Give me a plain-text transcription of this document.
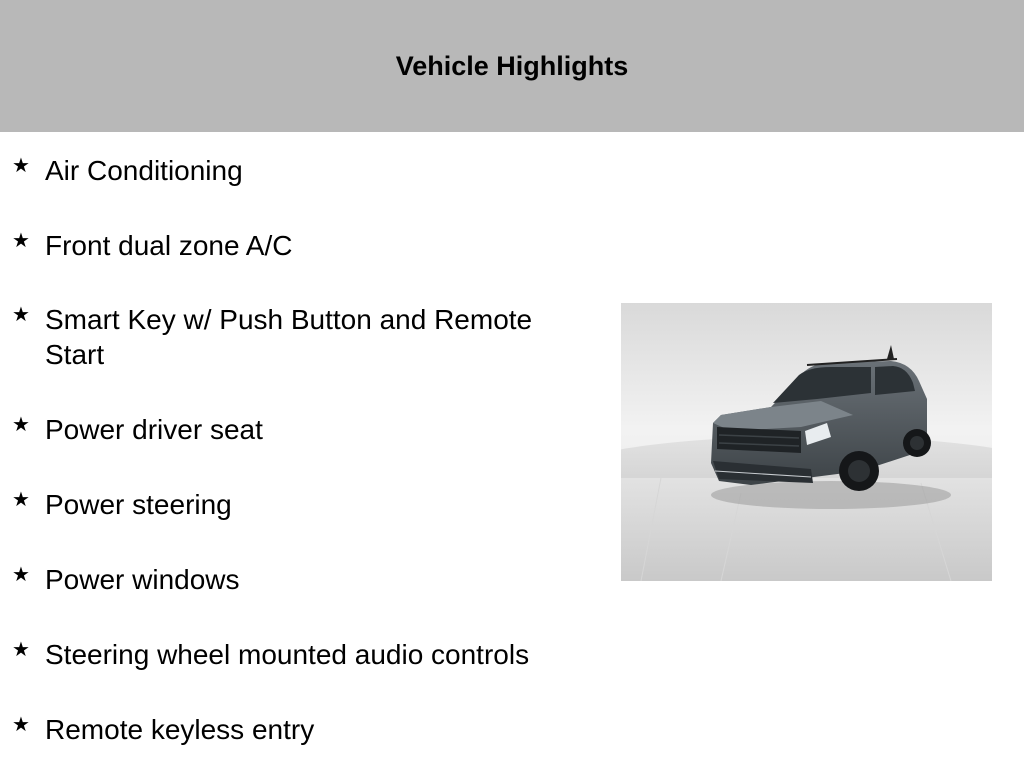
Vehicle Highlights
★ Air Conditioning
★ Front dual zone A/C
★ Smart Key w/ Push Button and Remote Start
★ Power driver seat
★ Power steering
★ Power windows
★ Steering wheel mounted audio controls
★ Remote keyless entry
